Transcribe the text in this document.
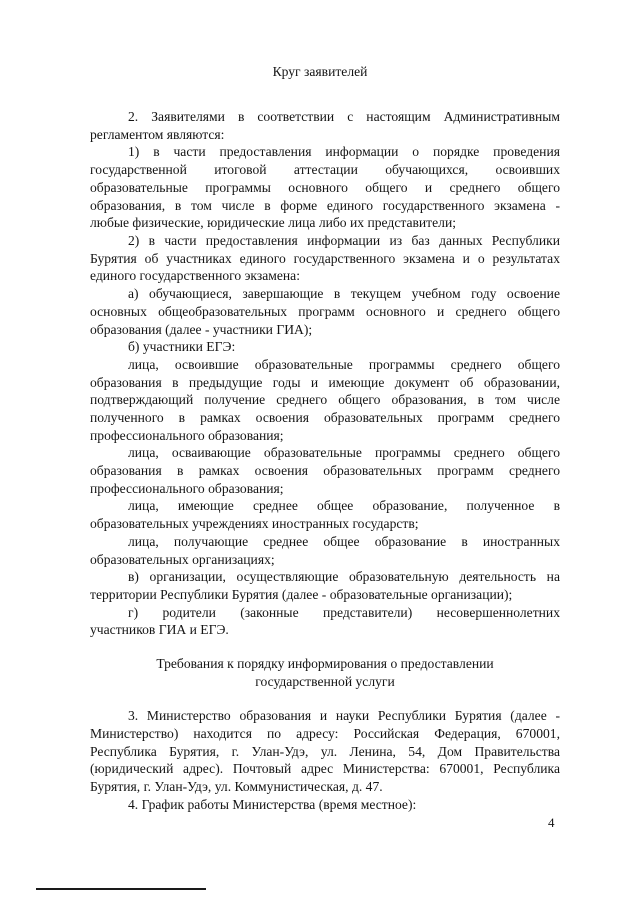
Круг заявителей
2. Заявителями в соответствии с настоящим Административным
регламентом являются:
1) в части предоставления информации о порядке проведения
государственной итоговой аттестации обучающихся, освоивших
образовательные программы основного общего и среднего общего
образования, в том числе в форме единого государственного экзамена -
любые физические, юридические лица либо их представители;
2) в части предоставления информации из баз данных Республики
Бурятия об участниках единого государственного экзамена и о результатах
единого государственного экзамена:
а) обучающиеся, завершающие в текущем учебном году освоение
основных общеобразовательных программ основного и среднего общего
образования (далее - участники ГИА);
б) участники ЕГЭ:
лица, освоившие образовательные программы среднего общего
образования в предыдущие годы и имеющие документ об образовании,
подтверждающий получение среднего общего образования, в том числе
полученного в рамках освоения образовательных программ среднего
профессионального образования;
лица, осваивающие образовательные программы среднего общего
образования в рамках освоения образовательных программ среднего
профессионального образования;
лица, имеющие среднее общее образование, полученное в
образовательных учреждениях иностранных государств;
лица, получающие среднее общее образование в иностранных
образовательных организациях;
в) организации, осуществляющие образовательную деятельность на
территории Республики Бурятия (далее - образовательные организации);
г) родители (законные представители) несовершеннолетних
участников ГИА и ЕГЭ.
Требования к порядку информирования о предоставлении
государственной услуги
3. Министерство образования и науки Республики Бурятия (далее -
Министерство) находится по адресу: Российская Федерация, 670001,
Республика Бурятия, г. Улан-Удэ, ул. Ленина, 54, Дом Правительства
(юридический адрес). Почтовый адрес Министерства: 670001, Республика
Бурятия, г. Улан-Удэ, ул. Коммунистическая, д. 47.
4. График работы Министерства (время местное):
4
